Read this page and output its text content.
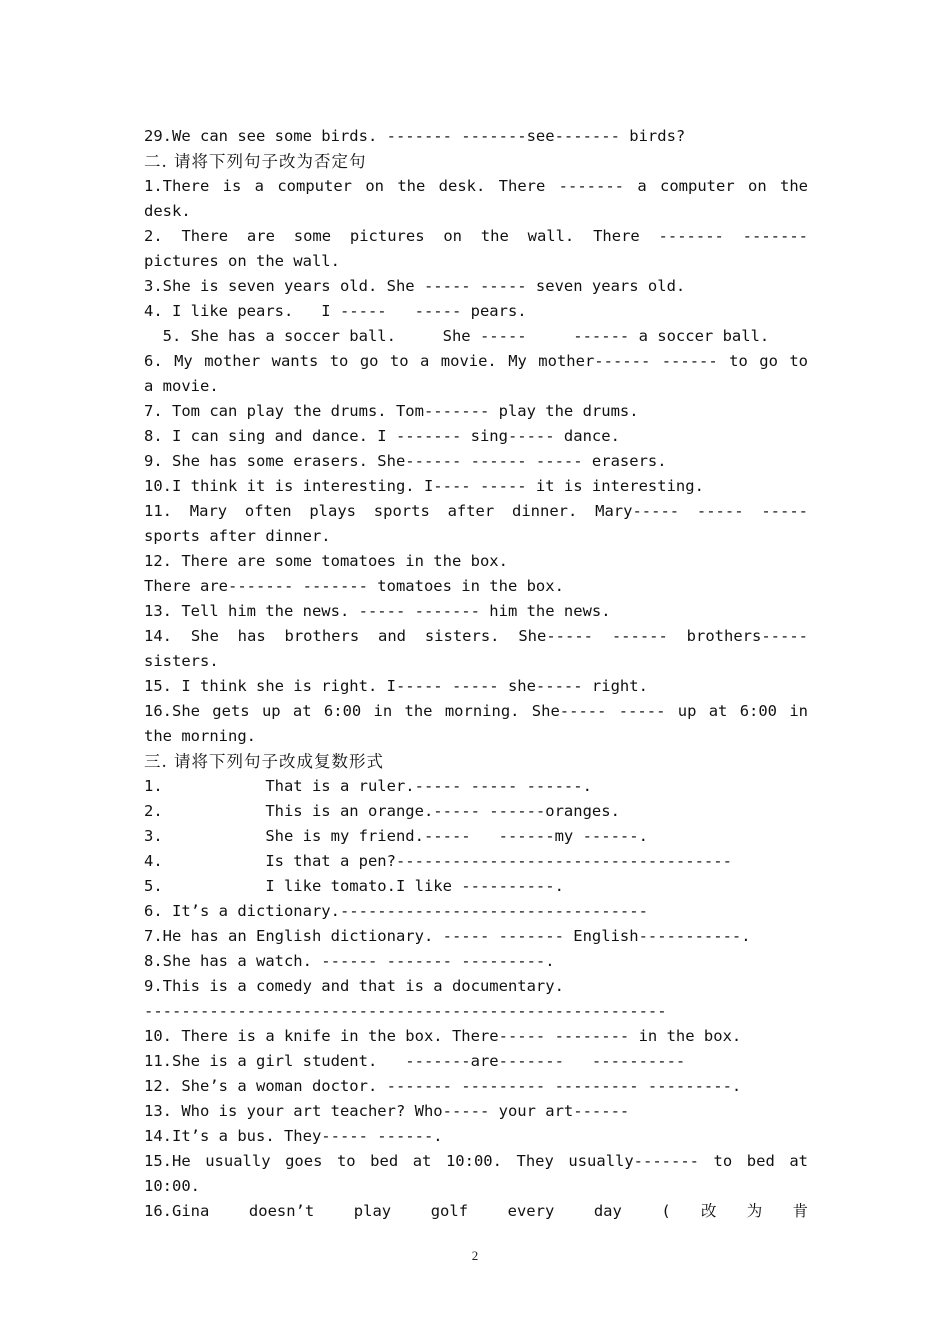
29.We can see some birds. ------- -------see------- birds?
二. 请将下列句子改为否定句
1.There is a computer on the desk. There ------- a computer on the
desk.
2. There are some pictures on the wall. There ------- -------
pictures on the wall.
3.She is seven years old. She ----- ----- seven years old.
4. I like pears.   I -----   ----- pears.
5. She has a soccer ball.     She -----     ------ a soccer ball.
6. My mother wants to go to a movie. My mother------ ------ to go to
a movie.
7. Tom can play the drums. Tom------- play the drums.
8. I can sing and dance. I ------- sing----- dance.
9. She has some erasers. She------ ------ ----- erasers.
10.I think it is interesting. I---- ----- it is interesting.
11. Mary often plays sports after dinner. Mary----- ----- -----
sports after dinner.
12. There are some tomatoes in the box.
There are------- ------- tomatoes in the box.
13. Tell him the news. ----- ------- him the news.
14. She has brothers and sisters. She----- ------ brothers-----
sisters.
15. I think she is right. I----- ----- she----- right.
16.She gets up at 6:00 in the morning. She----- ----- up at 6:00 in
the morning.
三. 请将下列句子改成复数形式
1.           That is a ruler.----- ----- ------.
2.           This is an orange.----- ------oranges.
3.           She is my friend.-----   ------my ------.
4.           Is that a pen?------------------------------------
5.           I like tomato.I like ----------.
6. It’s a dictionary.---------------------------------
7.He has an English dictionary. ----- ------- English-----------.
8.She has a watch. ------ ------- ---------.
9.This is a comedy and that is a documentary.
--------------------------------------------------------
10. There is a knife in the box. There----- -------- in the box.
11.She is a girl student.   -------are-------   ----------
12. She’s a woman doctor. ------- --------- --------- ---------.
13. Who is your art teacher? Who----- your art------
14.It’s a bus. They----- ------.
15.He usually goes to bed at 10:00. They usually------- to bed at
10:00.
16.Gina doesn’t play golf every day (改为肯
2
